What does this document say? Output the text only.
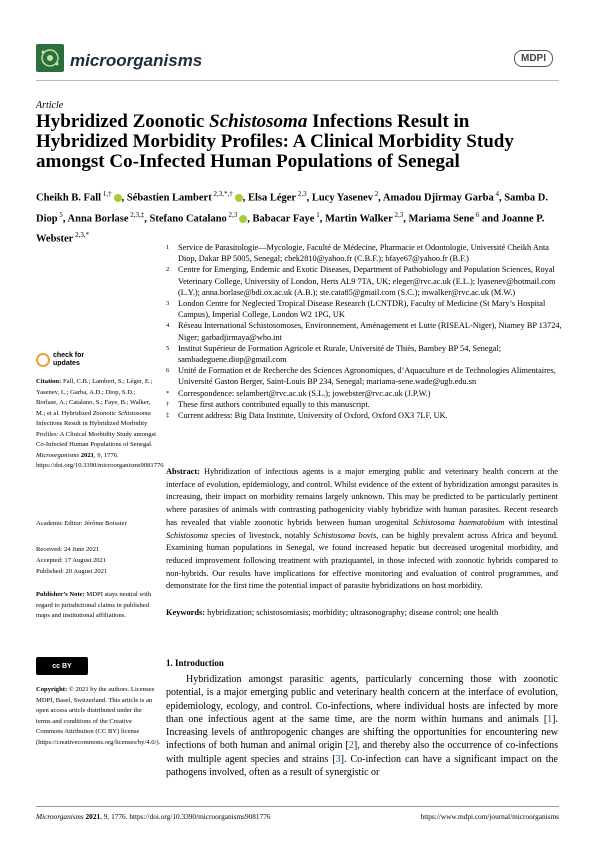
microorganisms	MDPI
Article
Hybridized Zoonotic Schistosoma Infections Result in Hybridized Morbidity Profiles: A Clinical Morbidity Study amongst Co-Infected Human Populations of Senegal
Cheikh B. Fall $^{1,\dagger}$ , Sébastien Lambert $^{2,3,*,\dagger}$ , Elsa Léger $^{2,3}$, Lucy Yasenev $^2$, Amadou Djirmay Garba $^4$, Samba D. Diop $^5$, Anna Borlase $^{2,3,\ddagger}$, Stefano Catalano $^{2,3}$ , Babacar Faye $^1$, Martin Walker $^{2,3}$, Mariama Sene $^6$ and Joanne P. Webster $^{2,3,*}$
1	Service de Parasitologie—Mycologie, Faculté de Médecine, Pharmacie et Odontologie, Université Cheikh Anta Diop, Dakar BP 5005, Senegal; chek2810@yahoo.fr (C.B.F.); bfaye67@yahoo.fr (B.F.)
2	Centre for Emerging, Endemic and Exotic Diseases, Department of Pathobiology and Population Sciences, Royal Veterinary College, University of London, Herts AL9 7TA, UK; eleger@rvc.ac.uk (E.L.); lyasenev@hotmail.com (L.Y.); anna.borlase@bdi.ox.ac.uk (A.B.); ste.cata85@gmail.com (S.C.); mwalker@rvc.ac.uk (M.W.)
3	London Centre for Neglected Tropical Disease Research (LCNTDR), Faculty of Medicine (St Mary’s Hospital Campus), Imperial College, London W2 1PG, UK
4	Réseau International Schistosomoses, Environnement, Aménagement et Lutte (RISEAL-Niger), Niamey BP 13724, Niger; garbadjirmaya@who.int
5	Institut Supérieur de Formation Agricole et Rurale, Université de Thiès, Bambey BP 54, Senegal; sambadeguene.diop@gmail.com
6	Unité de Formation et de Recherche des Sciences Agronomiques, d’Aquaculture et de Technologies Alimentaires, Université Gaston Berger, Saint-Louis BP 234, Senegal; mariama-sene.wade@ugb.edu.sn
*	Correspondence: selambert@rvc.ac.uk (S.L.); jowebster@rvc.ac.uk (J.P.W.)
†	These first authors contributed equally to this manuscript.
‡	Current address: Big Data Institute, University of Oxford, Oxford OX3 7LF, UK.
check for
updates
Citation: Fall, C.B.; Lambert, S.; Léger, E.; Yasenev, L.; Garba, A.D.; Diop, S.D.; Borlase, A.; Catalano, S.; Faye, B.; Walker, M.; et al. Hybridized Zoonotic Schistosoma Infections Result in Hybridized Morbidity Profiles: A Clinical Morbidity Study amongst Co-Infected Human Populations of Senegal. Microorganisms 2021, 9, 1776. https://doi.org/10.3390/microorganisms9081776
Academic Editor: Jérôme Boissier
Received: 24 June 2021
Accepted: 17 August 2021
Published: 20 August 2021
Publisher’s Note: MDPI stays neutral with regard to jurisdictional claims in published maps and institutional affiliations.
cc BY
Copyright: © 2021 by the authors. Licensee MDPI, Basel, Switzerland. This article is an open access article distributed under the terms and conditions of the Creative Commons Attribution (CC BY) license (https://creativecommons.org/licenses/by/4.0/).
Abstract: Hybridization of infectious agents is a major emerging public and veterinary health concern at the interface of evolution, epidemiology, and control. Whilst evidence of the extent of hybridization amongst parasites is increasing, their impact on morbidity remains largely unknown. This may be predicted to be particularly pertinent where parasites of animals with contrasting pathogenicity viably hybridize with human parasites. Recent research has revealed that viable zoonotic hybrids between human urogenital Schistosoma haematobium with intestinal Schistosoma species of livestock, notably Schistosoma bovis, can be highly prevalent across Africa and beyond. Examining human populations in Senegal, we found increased hepatic but decreased urogenital morbidity, and reduced improvement following treatment with praziquantel, in those infected with zoonotic hybrids compared to non-hybrids. Our results have implications for effective monitoring and evaluation of control programmes, and demonstrate for the first time the potential impact of parasite hybridizations on host morbidity.
Keywords: hybridization; schistosomiasis; morbidity; ultrasonography; disease control; one health
1. Introduction

Hybridization amongst parasitic agents, particularly concerning those with zoonotic potential, is a major emerging public and veterinary health concern at the interface of evolution, epidemiology, ecology, and control. Co-infections, where individual hosts are infected by more than one infectious agent at the same time, are the norm within humans and animals [1]. Increasing levels of anthropogenic changes are shifting the opportunities for encountering new infections of both human and animal origin [2], and thereby also the occurrence of co-infections with multiple agent species and strains [3]. Co-infection can have a significant impact on the pathogens involved, often as a result of synergistic or

Microorganisms 2021, 9, 1776. https://doi.org/10.3390/microorganisms9081776	https://www.mdpi.com/journal/microorganisms
